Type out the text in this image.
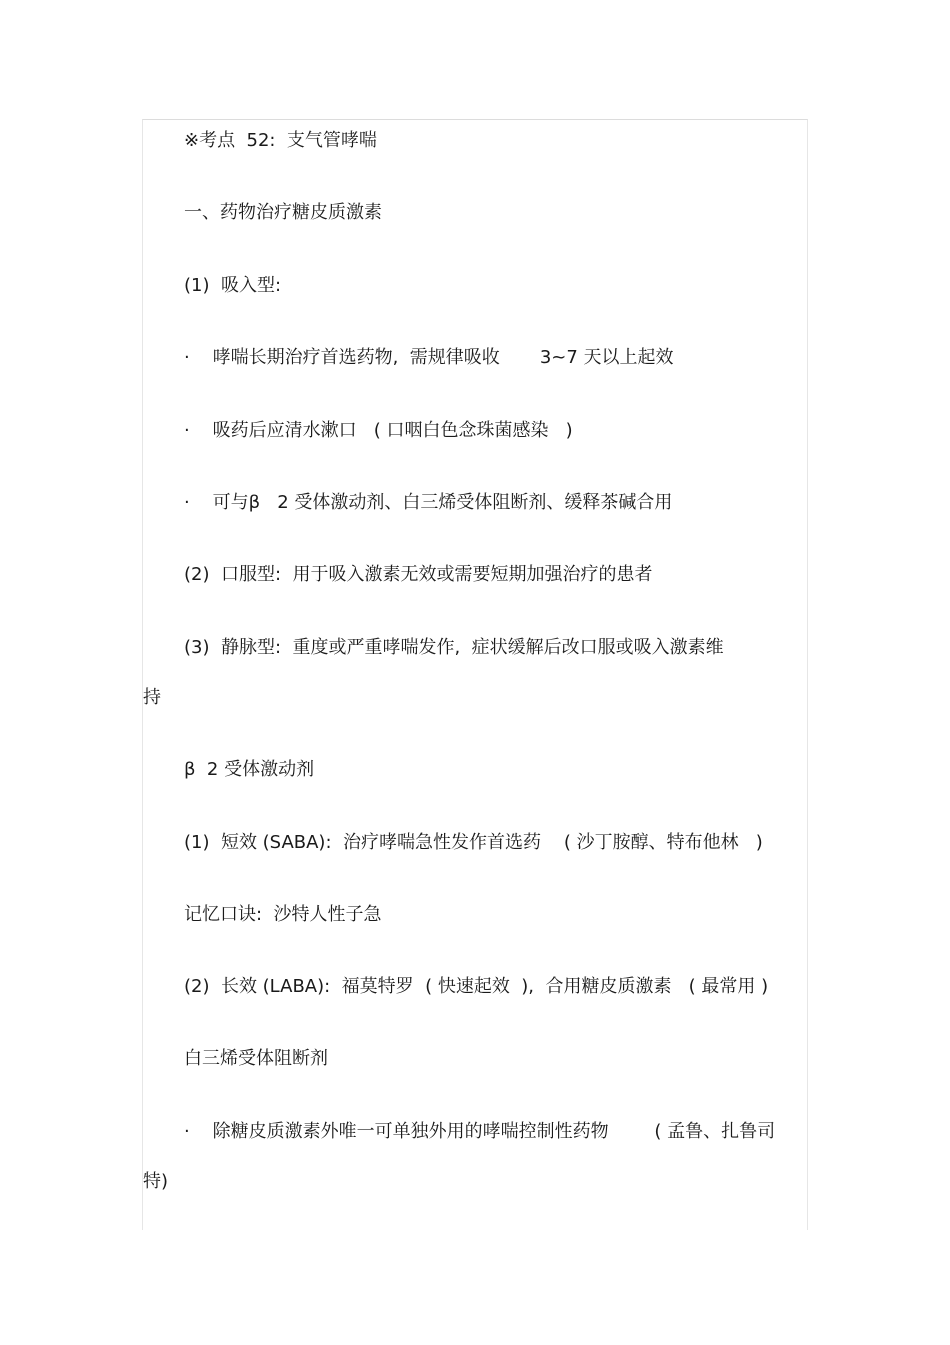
※考点  52:  支气管哮喘
一、药物治疗糖皮质激素
(1)  吸入型:
·    哮喘长期治疗首选药物,  需规律吸收       3~7 天以上起效
·    吸药后应清水漱口   ( 口咽白色念珠菌感染   )
·    可与β   2 受体激动剂、白三烯受体阻断剂、缓释茶碱合用
(2)  口服型:  用于吸入激素无效或需要短期加强治疗的患者
(3)  静脉型:  重度或严重哮喘发作,  症状缓解后改口服或吸入激素维
持
β  2 受体激动剂
(1)  短效 (SABA):  治疗哮喘急性发作首选药    ( 沙丁胺醇、特布他林   )
记忆口诀:  沙特人性子急
(2)  长效 (LABA):  福莫特罗  ( 快速起效  ),  合用糖皮质激素   ( 最常用 )
白三烯受体阻断剂
·    除糖皮质激素外唯一可单独外用的哮喘控制性药物        ( 孟鲁、扎鲁司
特)
